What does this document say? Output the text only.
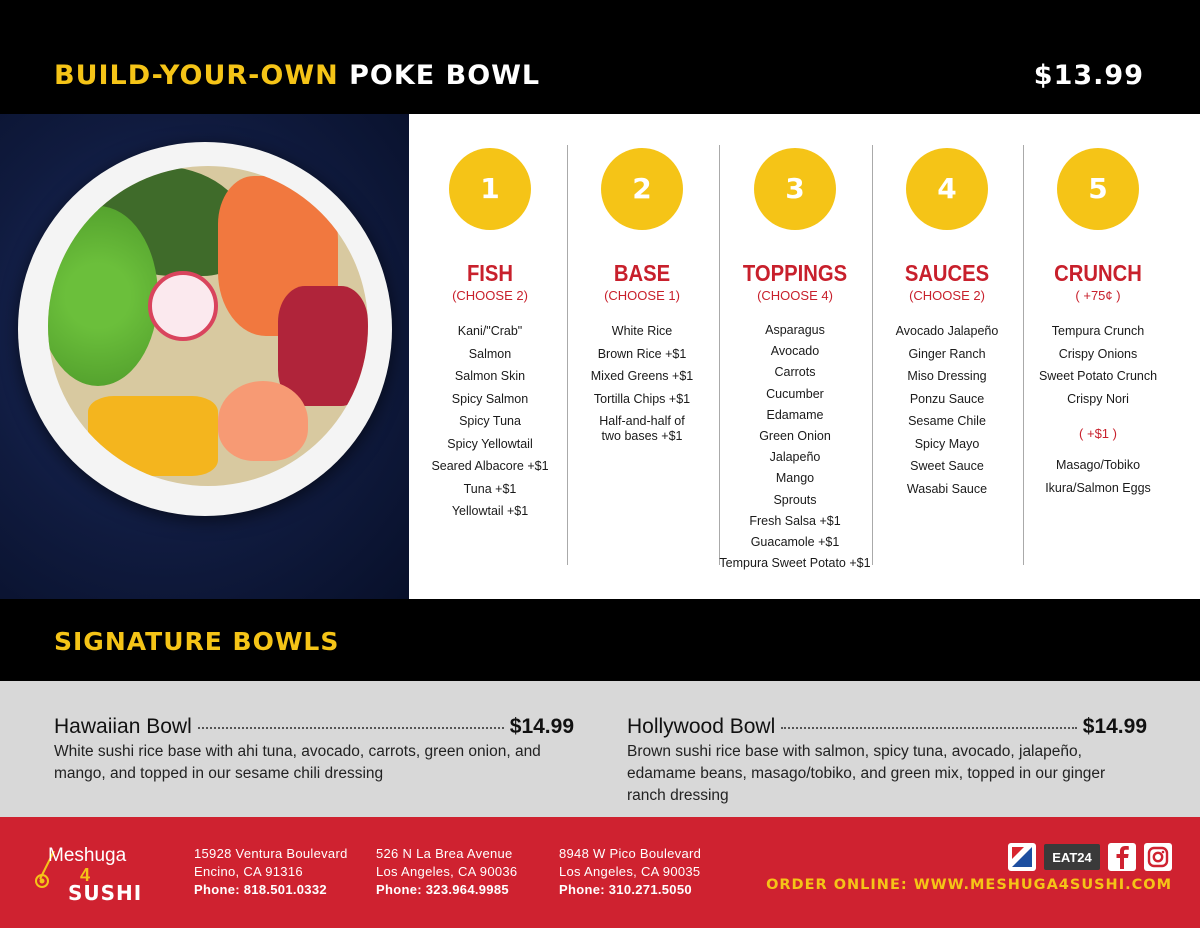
BUILD-YOUR-OWN POKE BOWL	$13.99
1
FISH
(CHOOSE 2)
Kani/"Crab"
Salmon
Salmon Skin
Spicy Salmon
Spicy Tuna
Spicy Yellowtail
Seared Albacore +$1
Tuna +$1
Yellowtail +$1
2
BASE
(CHOOSE 1)
White Rice
Brown Rice +$1
Mixed Greens +$1
Tortilla Chips +$1
Half-and-half of two bases +$1
3
TOPPINGS
(CHOOSE 4)
Asparagus
Avocado
Carrots
Cucumber
Edamame
Green Onion
Jalapeño
Mango
Sprouts
Fresh Salsa +$1
Guacamole +$1
Tempura Sweet Potato +$1
4
SAUCES
(CHOOSE 2)
Avocado Jalapeño
Ginger Ranch
Miso Dressing
Ponzu Sauce
Sesame Chile
Spicy Mayo
Sweet Sauce
Wasabi Sauce
5
CRUNCH
( +75¢ )
Tempura Crunch
Crispy Onions
Sweet Potato Crunch
Crispy Nori
( +$1 )
Masago/Tobiko
Ikura/Salmon Eggs
SIGNATURE BOWLS
Hawaiian Bowl	$14.99
White sushi rice base with ahi tuna, avocado, carrots, green onion, and mango, and topped in our sesame chili dressing
Hollywood Bowl	$14.99
Brown sushi rice base with salmon, spicy tuna, avocado, jalapeño, edamame beans, masago/tobiko, and green mix, topped in our ginger ranch dressing
Meshuga
4
SUSHI
15928 Ventura Boulevard
Encino, CA 91316
Phone: 818.501.0332
526 N La Brea Avenue
Los Angeles, CA 90036
Phone: 323.964.9985
8948 W Pico Boulevard
Los Angeles, CA 90035
Phone: 310.271.5050
EAT24
ORDER ONLINE: WWW.MESHUGA4SUSHI.COM
